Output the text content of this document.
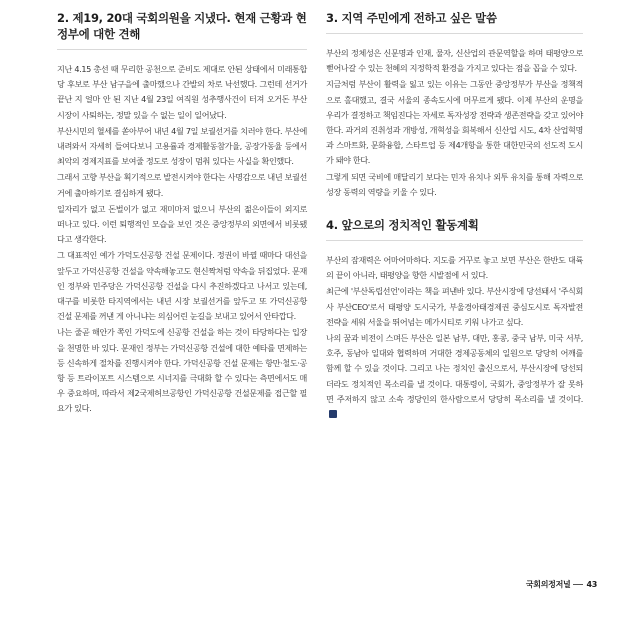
2. 제19, 20대 국회의원을 지냈다. 현재 근황과 현 정부에 대한 견해

지난 4.15 총선 때 무리한 공천으로 준비도 제대로 안된 상태에서 미래통합당 후보로 부산 남구을에 출마했으나 간발의 차로 낙선했다. 그런데 선거가 끝난 지 얼마 안 된 지난 4월 23일 여직원 성추행사건이 터져 오거돈 부산시장이 사퇴하는, 정말 있을 수 없는 일이 일어났다.

부산시민의 혈세를 쏟아부어 내년 4월 7일 보궐선거를 치러야 한다. 부산에 내려와서 자세히 들여다보니 고용률과 경제활동참가율, 공장가동율 등에서 최악의 경제지표를 보여줄 정도로 성장이 멈춰 있다는 사실을 확인했다.

그래서 고향 부산을 획기적으로 발전시켜야 한다는 사명감으로 내년 보궐선거에 출마하기로 결심하게 됐다.

일자리가 없고 돈벌이가 없고 재미마저 없으니 부산의 젊은이들이 외지로 떠나고 있다. 이런 퇴행적인 모습을 보인 것은 중앙정부의 외면에서 비롯됐다고 생각한다.

그 대표적인 예가 가덕도신공항 건설 문제이다. 정권이 바뀔 때마다 대선을 앞두고 가덕신공항 건설을 약속해놓고도 현신짝처럼 약속을 뒤집었다. 문재인 정부와 민주당은 가덕신공항 건설을 다시 추진하겠다고 나서고 있는데, 대구를 비롯한 타지역에서는 내년 시장 보궐선거를 앞두고 또 가덕신공항 건설 문제를 꺼낸 게 아니냐는 의심어린 눈길을 보내고 있어서 안타깝다.

나는 줄곧 해안가 쪽인 가덕도에 신공항 건설을 하는 것이 타당하다는 입장을 천명한 바 있다. 문재인 정부는 가덕신공항 건설에 대한 예타를 면제하는 등 신속하게 절차를 진행시켜야 한다. 가덕신공항 건설 문제는 항만·철도·공항 등 트라이포트 시스템으로 시너지를 극대화 할 수 있다는 측면에서도 매우 중요하며, 따라서 제2국제허브공항인 가덕신공항 건설문제를 접근할 필요가 있다.

3. 지역 주민에게 전하고 싶은 말씀

부산의 정체성은 신문명과 인재, 물자, 신산업의 관문역할을 하며 태평양으로 뻗어나갈 수 있는 천혜의 지정학적 환경을 가지고 있다는 점을 꼽을 수 있다.

지금처럼 부산이 활력을 잃고 있는 이유는 그동안 중앙정부가 부산을 정책적으로 홀대했고, 결국 서울의 종속도시에 머무르게 됐다. 이제 부산의 운명을 우리가 결정하고 책임진다는 자세로 독자성장 전략과 생존전략을 갖고 있어야 한다. 과거의 진취성과 개방성, 개혁성을 회복해서 신산업 시도, 4차 산업혁명과 스마트화, 문화융합, 스타트업 등 제4개항을 통한 대한민국의 선도적 도시가 돼야 한다.

그렇게 되면 국비에 매달리기 보다는 민자 유치나 외투 유치를 통해 자력으로 성장 동력의 역량을 키울 수 있다.

4. 앞으로의 정치적인 활동계획

부산의 잠재력은 어마어마하다. 지도를 거꾸로 놓고 보면 부산은 한반도 대륙의 끝이 아니라, 태평양을 향한 시발점에 서 있다.

최근에 '부산독립선언'이라는 책을 펴낸바 있다. 부산시장에 당선돼서 '주식회사 부산CEO'로서 태평양 도시국가, 부울경아태경제권 중심도시로 독자발전 전략을 세워 서울을 뛰어넘는 메가시티로 키워 나가고 싶다.

나의 꿈과 비전이 스며든 부산은 일본 남부, 대만, 홍콩, 중국 남부, 미국 서부, 호주, 동남아 일대와 협력하며 거대한 경제공동체의 일원으로 당당히 어깨를 함께 할 수 있을 것이다. 그리고 나는 정치인 출신으로서, 부산시장에 당선되더라도 정치적인 목소리를 낼 것이다. 대통령이, 국회가, 중앙정부가 잘 못하면 주저하지 않고 소속 정당인의 한사람으로서 당당히 목소리를 낼 것이다.

국회의정저널 43
